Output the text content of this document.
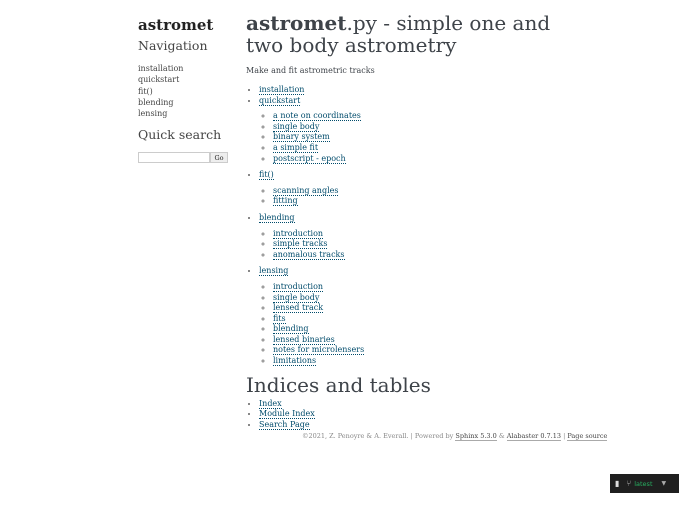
astromet
Navigation
installation
quickstart
fit()
blending
lensing
Quick search
Go
astromet.py - simple one and two body astrometry

Make and fit astrometric tracks

▪ installation
▪ quickstart
◦ a note on coordinates
◦ single body
◦ binary system
◦ a simple fit
◦ postscript - epoch
▪ fit()
◦ scanning angles
◦ fitting
▪ blending
◦ introduction
◦ simple tracks
◦ anomalous tracks
▪ lensing
◦ introduction
◦ single body
◦ lensed track
◦ fits
◦ blending
◦ lensed binaries
◦ notes for microlensers
◦ limitations
Indices and tables
▪ Index
▪ Module Index
▪ Search Page
©2021, Z. Penoyre & A. Everall. | Powered by Sphinx 5.3.0 & Alabaster 0.7.13 | Page source
▮ ⑂ latest ▼
